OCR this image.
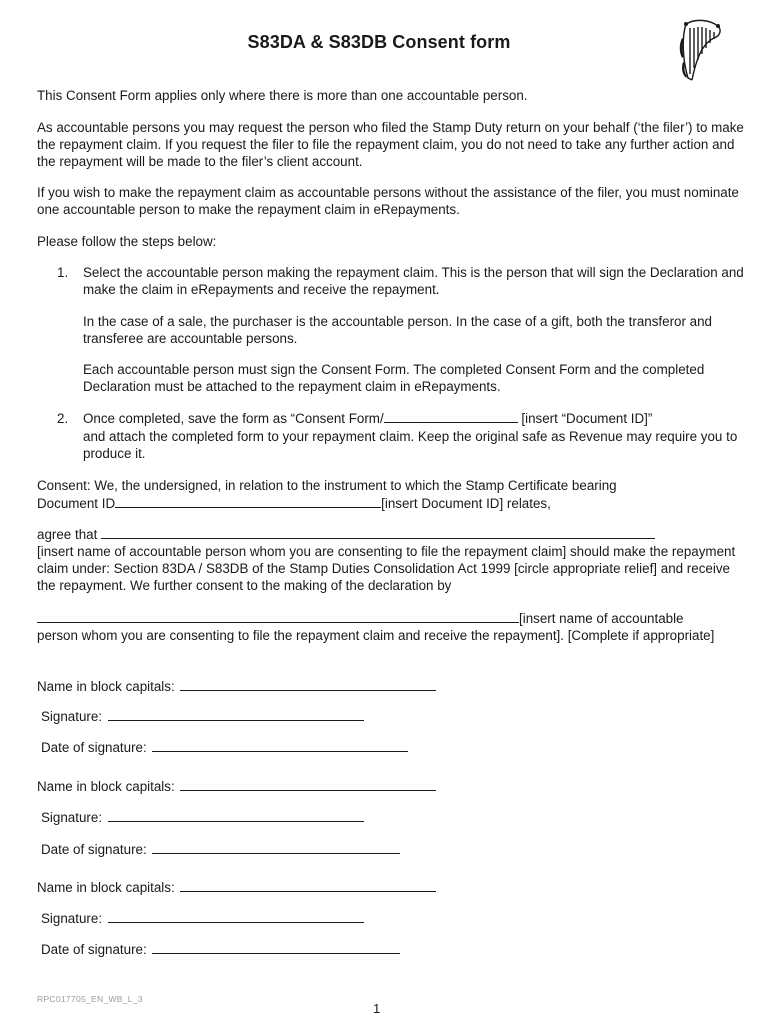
S83DA & S83DB Consent form

This Consent Form applies only where there is more than one accountable person.

As accountable persons you may request the person who filed the Stamp Duty return on your behalf (‘the filer’) to make the repayment claim. If you request the filer to file the repayment claim, you do not need to take any further action and the repayment will be made to the filer’s client account.

If you wish to make the repayment claim as accountable persons without the assistance of the filer, you must nominate one accountable person to make the repayment claim in eRepayments.

Please follow the steps below:

1. Select the accountable person making the repayment claim. This is the person that will sign the Declaration and make the claim in eRepayments and receive the repayment.
In the case of a sale, the purchaser is the accountable person. In the case of a gift, both the transferor and transferee are accountable persons.
Each accountable person must sign the Consent Form. The completed Consent Form and the completed Declaration must be attached to the repayment claim in eRepayments.
2. Once completed, save the form as “Consent Form/	[insert “Document ID]”
and attach the completed form to your repayment claim. Keep the original safe as Revenue may require you to produce it.

Consent: We, the undersigned, in relation to the instrument to which the Stamp Certificate bearing

Document ID	[insert Document ID] relates,
agree that

[insert name of accountable person whom you are consenting to file the repayment claim] should make the repayment claim under: Section 83DA / S83DB of the Stamp Duties Consolidation Act 1999 [circle appropriate relief] and receive the repayment. We further consent to the making of the declaration by

[insert name of accountable

person whom you are consenting to file the repayment claim and receive the repayment]. [Complete if appropriate]

Name in block capitals:
Signature:
Date of signature:
Name in block capitals:
Signature:
Date of signature:
Name in block capitals:
Signature:
Date of signature:
RPC017705_EN_WB_L_3
1
